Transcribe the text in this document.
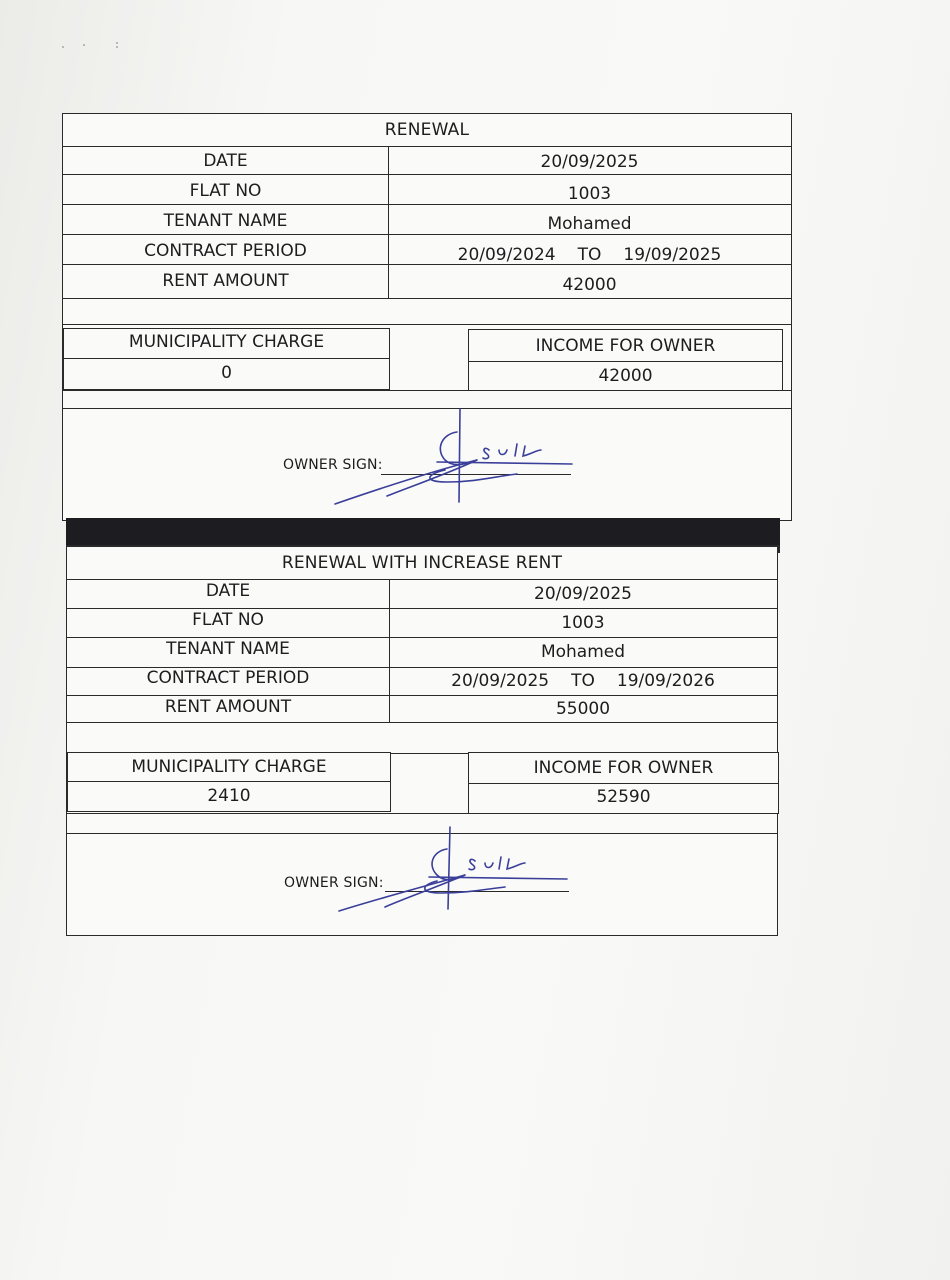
RENEWAL
DATE	20/09/2025
FLAT NO	1003
TENANT NAME	Mohamed
CONTRACT PERIOD	20/09/2024 TO 19/09/2025
RENT AMOUNT	42000
MUNICIPALITY CHARGE
0
INCOME FOR OWNER
42000
OWNER SIGN:
RENEWAL WITH INCREASE RENT
DATE	20/09/2025
FLAT NO	1003
TENANT NAME	Mohamed
CONTRACT PERIOD	20/09/2025 TO 19/09/2026
RENT AMOUNT	55000
MUNICIPALITY CHARGE
2410
INCOME FOR OWNER
52590
OWNER SIGN:
